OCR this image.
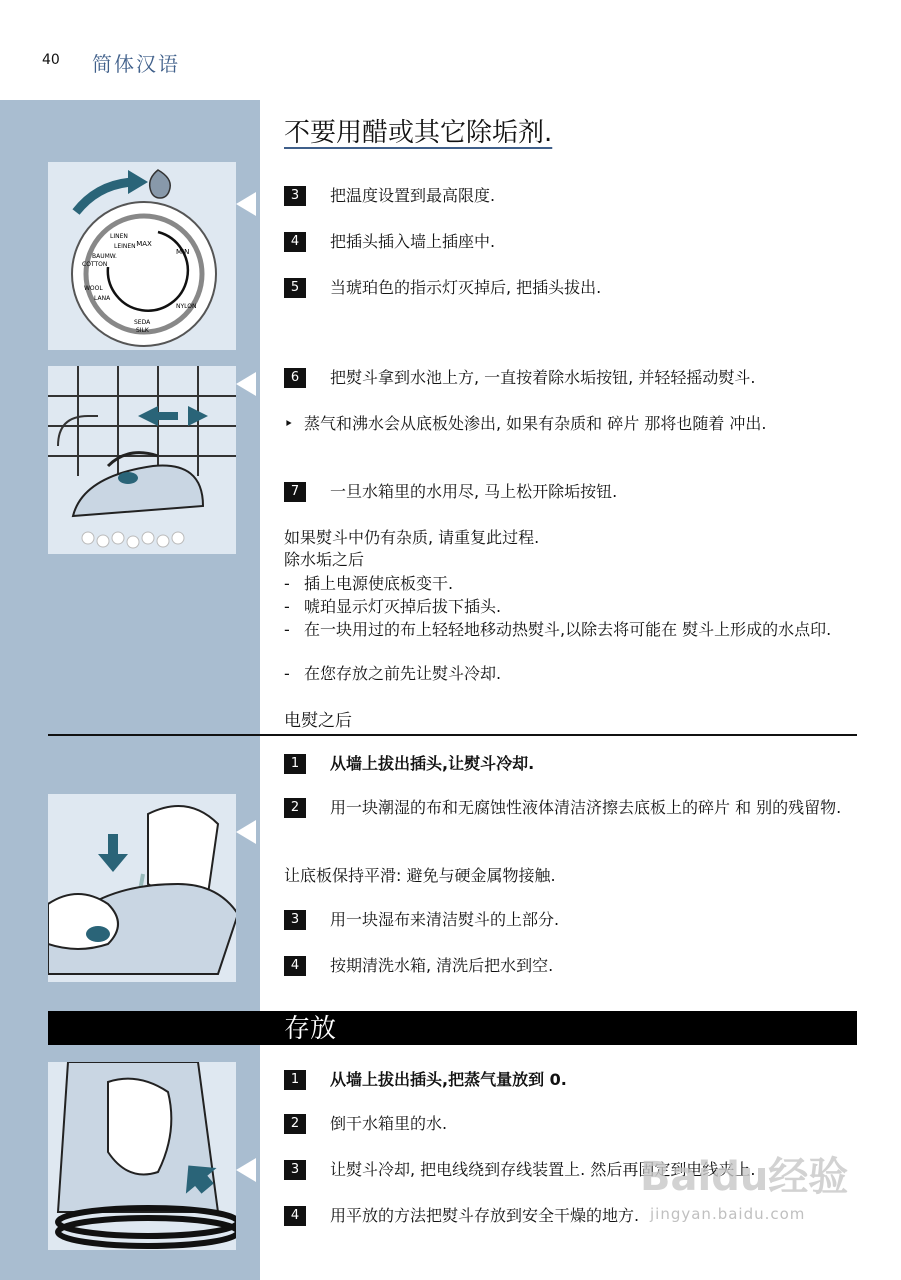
40 简体汉语
不要用醋或其它除垢剂.
MAX
MIN
WOOL
LANA
COTTON
BAUMW.
LINEN
LEINEN
SEDA
SILK
NYLON
3	把温度设置到最高限度.
4	把插头插入墙上插座中.
5	当琥珀色的指示灯灭掉后, 把插头拔出.
6	把熨斗拿到水池上方, 一直按着除水垢按钮, 并轻轻摇动熨斗.
‣ 蒸气和沸水会从底板处渗出, 如果有杂质和 碎片 那将也随着 冲出.
7	一旦水箱里的水用尽, 马上松开除垢按钮.
如果熨斗中仍有杂质, 请重复此过程.
除水垢之后
- 插上电源使底板变干.
- 唬珀显示灯灭掉后拔下插头.
- 在一块用过的布上轻轻地移动热熨斗,以除去将可能在 熨斗上形成的水点印.
- 在您存放之前先让熨斗冷却.
电熨之后
1	从墙上拔出插头,让熨斗冷却.
2	用一块潮湿的布和无腐蚀性液体清洁济擦去底板上的碎片 和 别的残留物.
让底板保持平滑: 避免与硬金属物接触.
3	用一块湿布来清洁熨斗的上部分.
4	按期清洗水箱, 清洗后把水到空.
存放
1	从墙上拔出插头,把蒸气量放到 0.
2	倒干水箱里的水.
3	让熨斗冷却, 把电线绕到存线装置上. 然后再固定到电线夹上.
4	用平放的方法把熨斗存放到安全干燥的地方.
Baidu经验
jingyan.baidu.com
